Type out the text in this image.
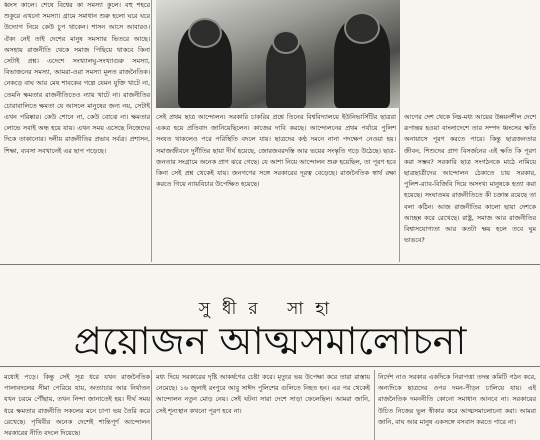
ধ্বংস কালে। শেষে বিশ্বের কা সমস্যা কুলে। বহু শহরে শুকুরে এখনো সমস্যা। গ্রামে সমাধান শুরু হলো ঘরে ঘরে উদ্যোগ নিয়ে কেউ চুপ থাকেন। শাসন আসে আবারও। ঐক্য নেই তাই দেশের মানুষ সমস্যার ভিতরে আছে। অসহায় রাজনীতি থেকে সমাজ পিছিয়ে থাকবে কিনা সেটাই প্রশ্ন। এদেশে সংখ্যালঘু-সংখ্যাগুরু সমস্যা, বিভাজনের সমস্যা, আমরা-ওরা সমস্যা মূলত রাজনৈতিক। নেকড়ে বাঘ আর মেষ শাবকের গল্পে যেমন যুক্তি খাটে না, তেমনি ক্ষমতার রাজনীতিতেও ন্যায় খাটে না। রাজনীতির চোরাবালিতে ক্ষমতা যে আসলে মানুষের জন্য নয়, সেটাই এখন পরিষ্কার। কেউ শোনে না, কেউ বোঝে না। ক্ষমতার লোভে সবাই অন্ধ হয়ে যায়। এখন সময় এসেছে নিজেদের দিকে তাকানোর। দলীয় রাজনীতির প্রভাব সর্বত্র। প্রশাসন, শিক্ষা, ব্যবসা সবখানেই এর ছাপ পড়েছে।

সেই প্রথম ছাত্র আন্দোলন। সরকারি চাকরির প্রশ্নে তিনের বিশ্ববিদ্যালয়ে ইউনিভার্সিটির ছাত্ররা একত্র হয়ে প্রতিবাদ জানিয়েছিলেন। কাজের দাবি করছে। আন্দোলনের প্রথম পর্যায়ে পুলিশ সংযত থাকলেও পরে পরিস্থিতি বদলে যায়। ছাত্রদের কণ্ঠ দমনে নানা পদক্ষেপ নেওয়া হয়। সমাজজীবনে দুর্নীতির ছায়া দীর্ঘ হয়েছে, জোরজবরদস্তি আর ভয়ের সংস্কৃতি গড়ে উঠেছে। ছাত্র-জনতার সংগ্রামে অনেক প্রাণ ঝরে গেছে। যে আশা নিয়ে আন্দোলন শুরু হয়েছিল, তা পূরণ হবে কিনা সেই প্রশ্ন থেকেই যায়। জনগণের সঙ্গে সরকারের দূরত্ব বেড়েছে। রাজনৈতিক স্বার্থ রক্ষা করতে গিয়ে ন্যায়বিচার উপেক্ষিত হয়েছে।

আগের দেশ থেকে নিম্ন-মধ্য আয়ের উন্নয়নশীল দেশে রূপান্তর হওয়া বাংলাদেশে তার সম্পদ ধ্বংসের ক্ষতি অনায়াসে পূরণ করতে পারে। কিন্তু ছাত্রজনতার জীবন, শিশুদের প্রাণ বিসর্জনের এই ক্ষতি কি পূরণ করা সম্ভব? সরকারি ছাত্র সংগঠনকে মাঠে নামিয়ে ছাত্রছাত্রীদের আন্দোলন ঠেকাতে চায় সরকার, পুলিশ-র‍্যাব-বিজিবি দিয়ে অসংখ্য মানুষকে হত্যা করা হয়েছে। সংঘাতময় রাজনীতিতে কী চক্রান্ত রয়েছে তা বলা কঠিন। আজ রাজনীতির কালো ছায়া দেশকে আচ্ছন্ন করে রেখেছে। রাষ্ট্র, সমাজ আর রাজনীতির বিশ্বাসযোগ্যতা আর কতটা ক্ষয় হলে তবে ঘুম ভাঙবে?

সুধীর সাহা
প্রয়োজন আত্মসমালোচনা

মধ্যেই পড়ে। কিন্তু সেই সূত্র ধরে যখন রাজনৈতিক পালাবদলের সীমা পেরিয়ে যায়, অত্যাচার আর নির্যাতন যখন চরমে পৌঁছায়, তখন নিন্দা জানাতেই হয়। দীর্ঘ সময় ধরে ক্ষমতার রাজনীতি সকলের মনে চাপা ভয় তৈরি করে রেখেছে। পৃথিবীর অনেক দেশেই শান্তিপূর্ণ আন্দোলন সরকারের নীতি বদলে দিয়েছে।

মধ্য দিয়ে সরকারের দৃষ্টি আকর্ষণের চেষ্টা করে। মৃত্যুর ভয় উপেক্ষা করে তারা রাস্তায় নেমেছে। ১৬ জুলাই রংপুরে আবু সাঈদ পুলিশের গুলিতে নিহত হন। এর পর থেকেই আন্দোলন নতুন মোড় নেয়। সেই ঘটনা সারা দেশে সাড়া ফেলেছিল। আমরা জানি, সেই শূন্যস্থান কখনো পূরণ হবে না।

নির্দেশ নাও সরকার একদিকে নিরাপত্তা তদন্ত কমিটি গঠন করে, অন্যদিকে ছাত্রদের ওপর দমন-পীড়ন চালিয়ে যায়। এই রাজনৈতিক দমননীতি কোনো সমাধান আনবে না। সরকারের উচিত নিজের ভুল স্বীকার করে আত্মসমালোচনা করা। আমরা জানি, বাঘ আর মানুষ একসঙ্গে বসবাস করতে পারে না।
